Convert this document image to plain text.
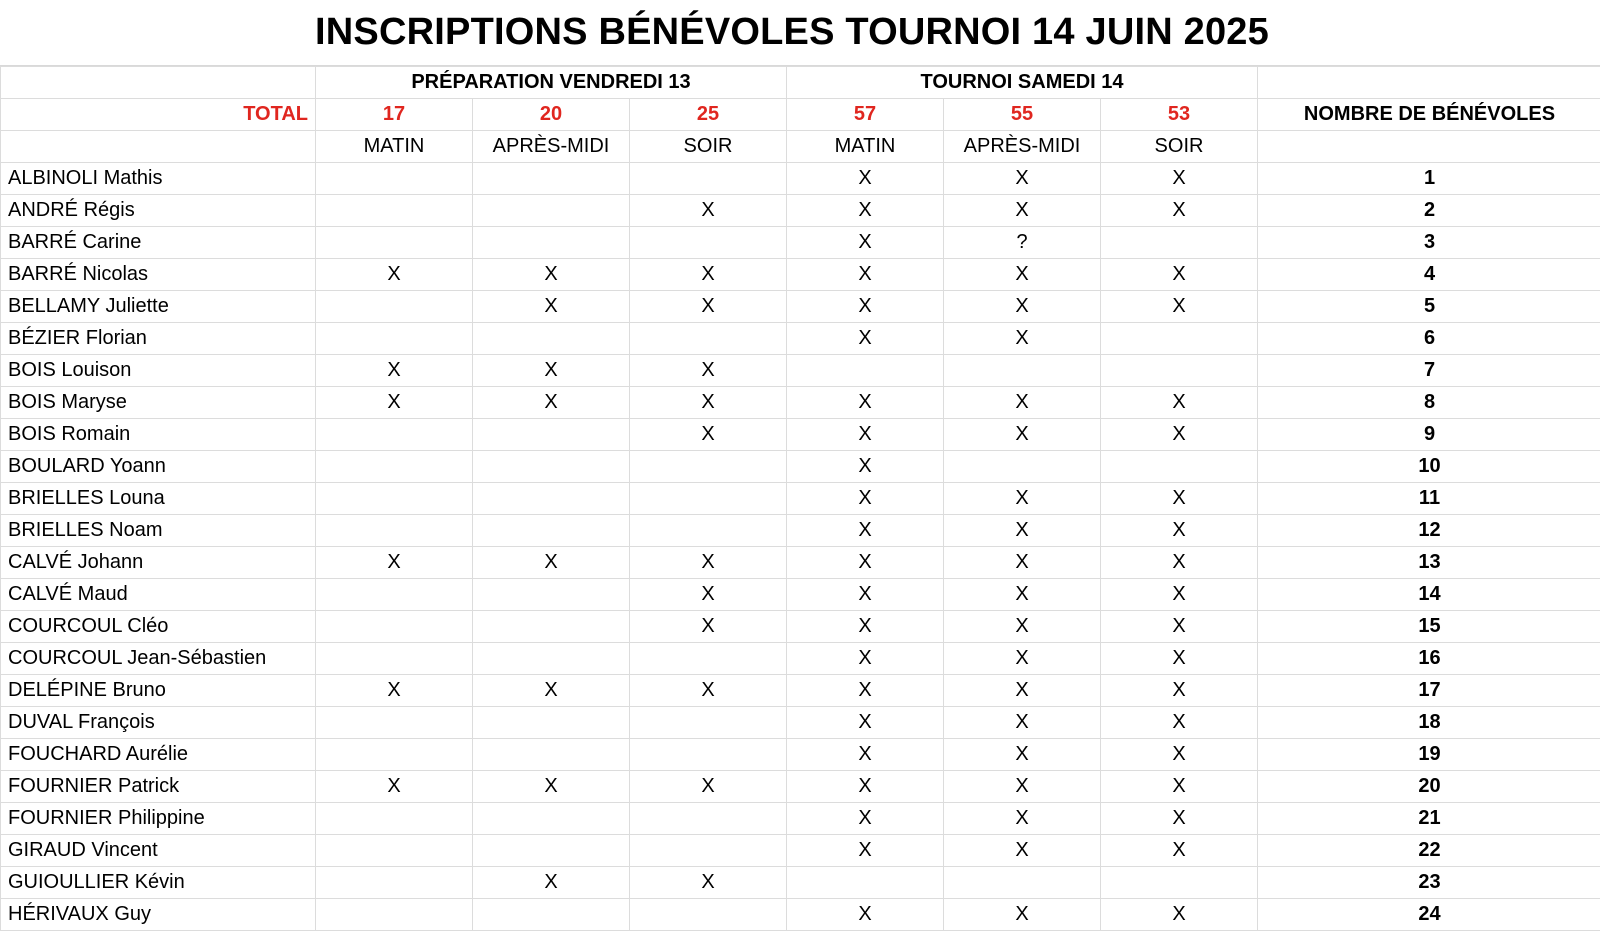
INSCRIPTIONS BÉNÉVOLES TOURNOI 14 JUIN 2025
	PRÉPARATION VENDREDI 13			TOURNOI SAMEDI 14			
TOTAL	17	20	25	57	55	53	NOMBRE DE BÉNÉVOLES
	MATIN	APRÈS-MIDI	SOIR	MATIN	APRÈS-MIDI	SOIR	
ALBINOLI Mathis				X	X	X	1
ANDRÉ Régis			X	X	X	X	2
BARRÉ Carine				X	?		3
BARRÉ Nicolas	X	X	X	X	X	X	4
BELLAMY Juliette		X	X	X	X	X	5
BÉZIER Florian				X	X		6
BOIS Louison	X	X	X				7
BOIS Maryse	X	X	X	X	X	X	8
BOIS Romain			X	X	X	X	9
BOULARD Yoann				X			10
BRIELLES Louna				X	X	X	11
BRIELLES Noam				X	X	X	12
CALVÉ Johann	X	X	X	X	X	X	13
CALVÉ Maud			X	X	X	X	14
COURCOUL Cléo			X	X	X	X	15
COURCOUL Jean-Sébastien				X	X	X	16
DELÉPINE Bruno	X	X	X	X	X	X	17
DUVAL François				X	X	X	18
FOUCHARD Aurélie				X	X	X	19
FOURNIER Patrick	X	X	X	X	X	X	20
FOURNIER Philippine				X	X	X	21
GIRAUD Vincent				X	X	X	22
GUIOULLIER Kévin		X	X				23
HÉRIVAUX Guy				X	X	X	24
